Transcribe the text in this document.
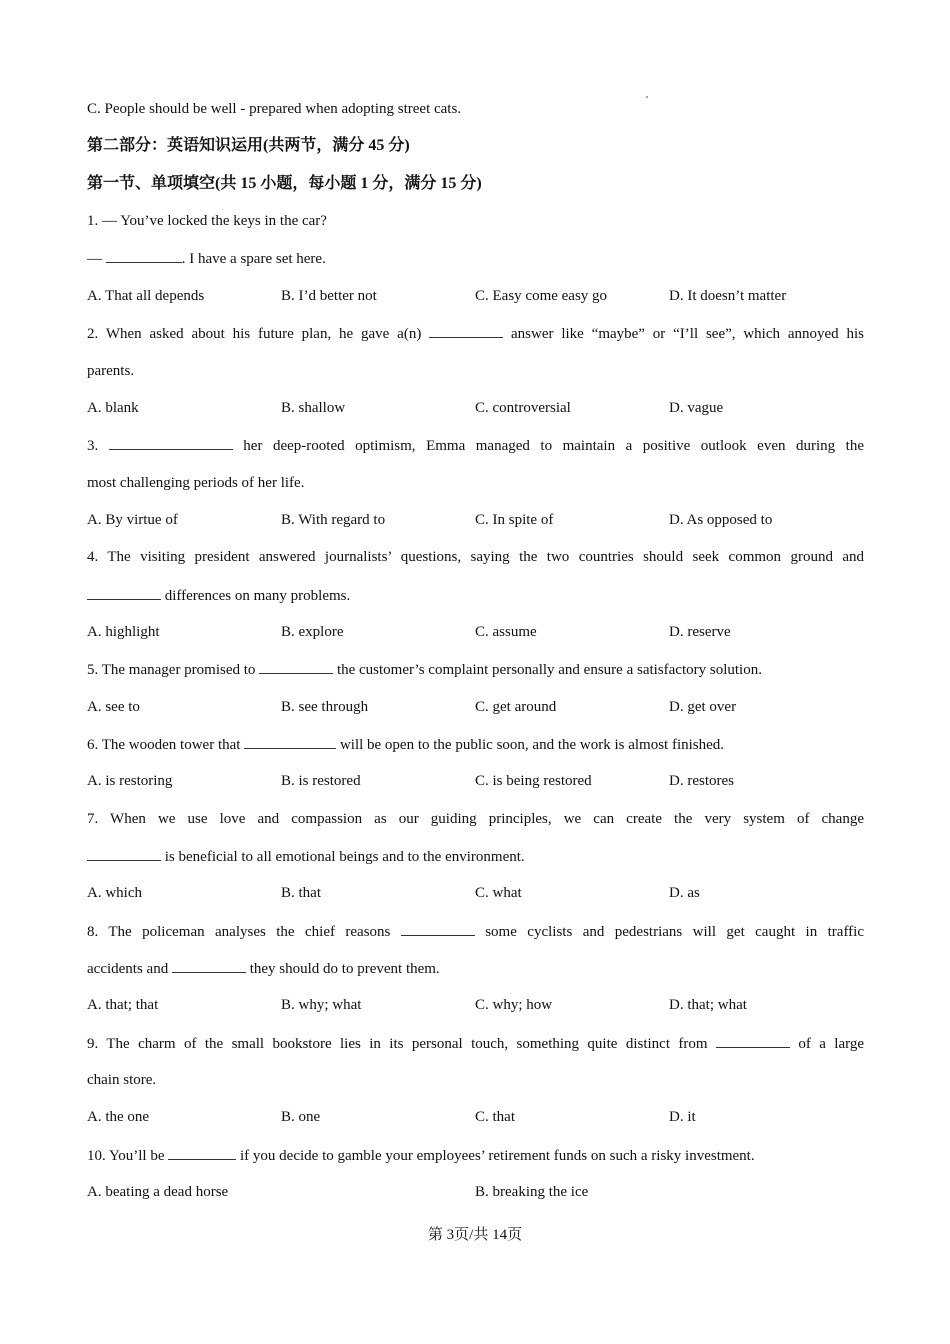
C. People should be well - prepared when adopting street cats.
第二部分：英语知识运用(共两节，满分 45 分)
第一节、单项填空(共 15 小题，每小题 1 分，满分 15 分)
1. — You’ve locked the keys in the car?
—	. I have a spare set here.
A. That all depends	B. I’d better not	C. Easy come easy go	D. It doesn’t matter
2. When asked about his future plan, he gave a(n)	answer like “maybe” or “I’ll see”, which annoyed his
parents.
A. blank	B. shallow	C. controversial	D. vague
3.	her deep-rooted optimism, Emma managed to maintain a positive outlook even during the
most challenging periods of her life.
A. By virtue of	B. With regard to	C. In spite of	D. As opposed to
4. The visiting president answered journalists’ questions, saying the two countries should seek common ground and
differences on many problems.
A. highlight	B. explore	C. assume	D. reserve
5. The manager promised to	the customer’s complaint personally and ensure a satisfactory solution.
A. see to	B. see through	C. get around	D. get over
6. The wooden tower that	will be open to the public soon, and the work is almost finished.
A. is restoring	B. is restored	C. is being restored	D. restores
7. When we use love and compassion as our guiding principles, we can create the very system of change
is beneficial to all emotional beings and to the environment.
A. which	B. that	C. what	D. as
8. The policeman analyses the chief reasons	some cyclists and pedestrians will get caught in traffic
accidents and	they should do to prevent them.
A. that; that	B. why; what	C. why; how	D. that; what
9. The charm of the small bookstore lies in its personal touch, something quite distinct from	of a large
chain store.
A. the one	B. one	C. that	D. it
10. You’ll be	if you decide to gamble your employees’ retirement funds on such a risky investment.
A. beating a dead horse	B. breaking the ice
第 3页/共 14页
